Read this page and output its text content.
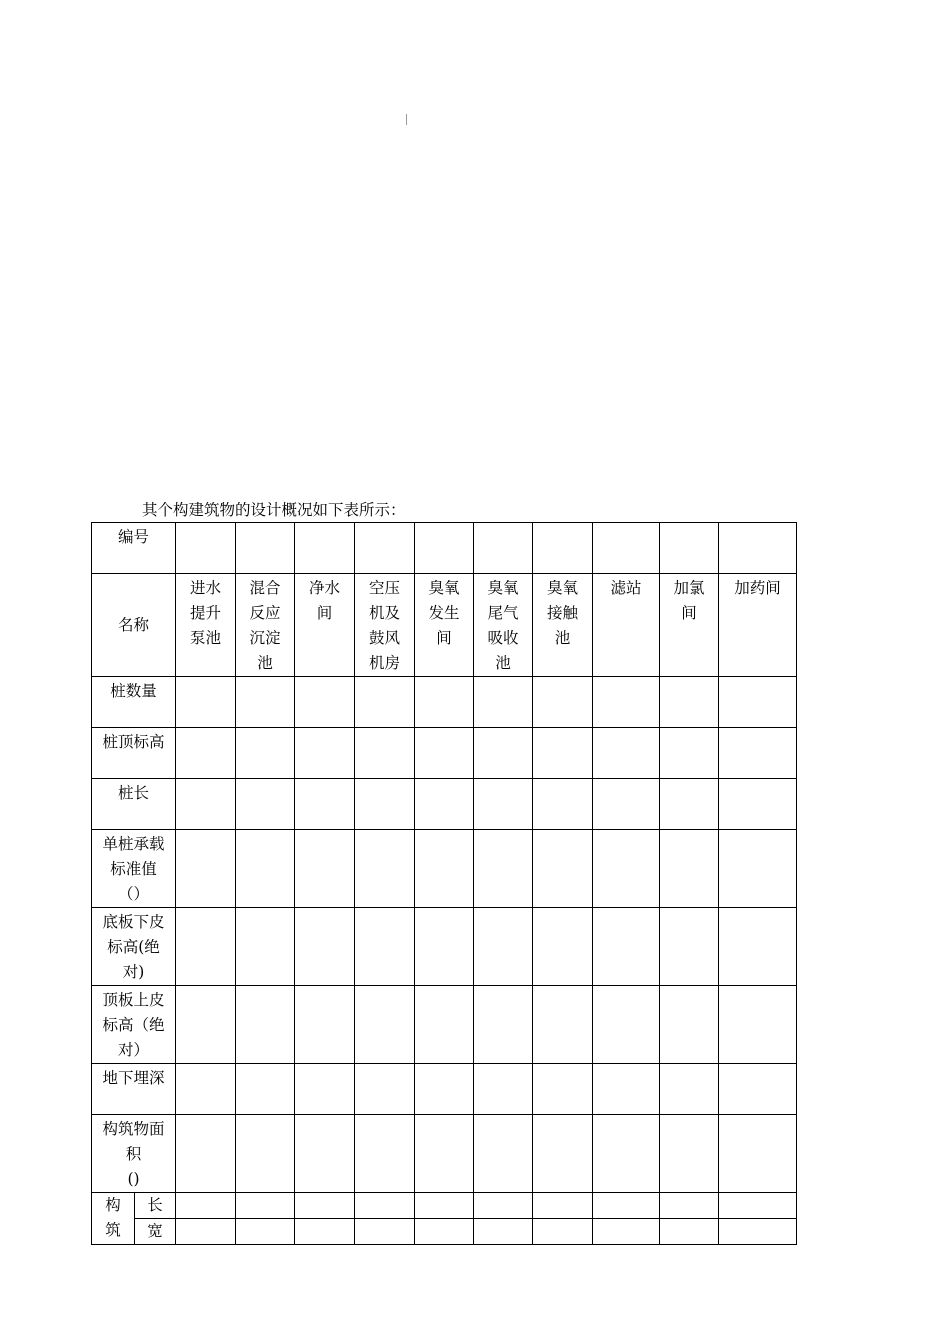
其个构建筑物的设计概况如下表所示：
编号											

名称		进水
提升
泵池	混合
反应
沉淀
池	净水
间	空压
机及
鼓风
机房	臭氧
发生
间	臭氧
尾气
吸收
池	臭氧
接触
池	滤站	加氯
间	加药间

桩数量											

桩顶标高											

桩长											

单桩承载
标准值
（）											

底板下皮
标高(绝
对)											

顶板上皮
标高（绝
对）											

地下埋深											

构筑物面
积
()											

构
筑	长										

	宽										
